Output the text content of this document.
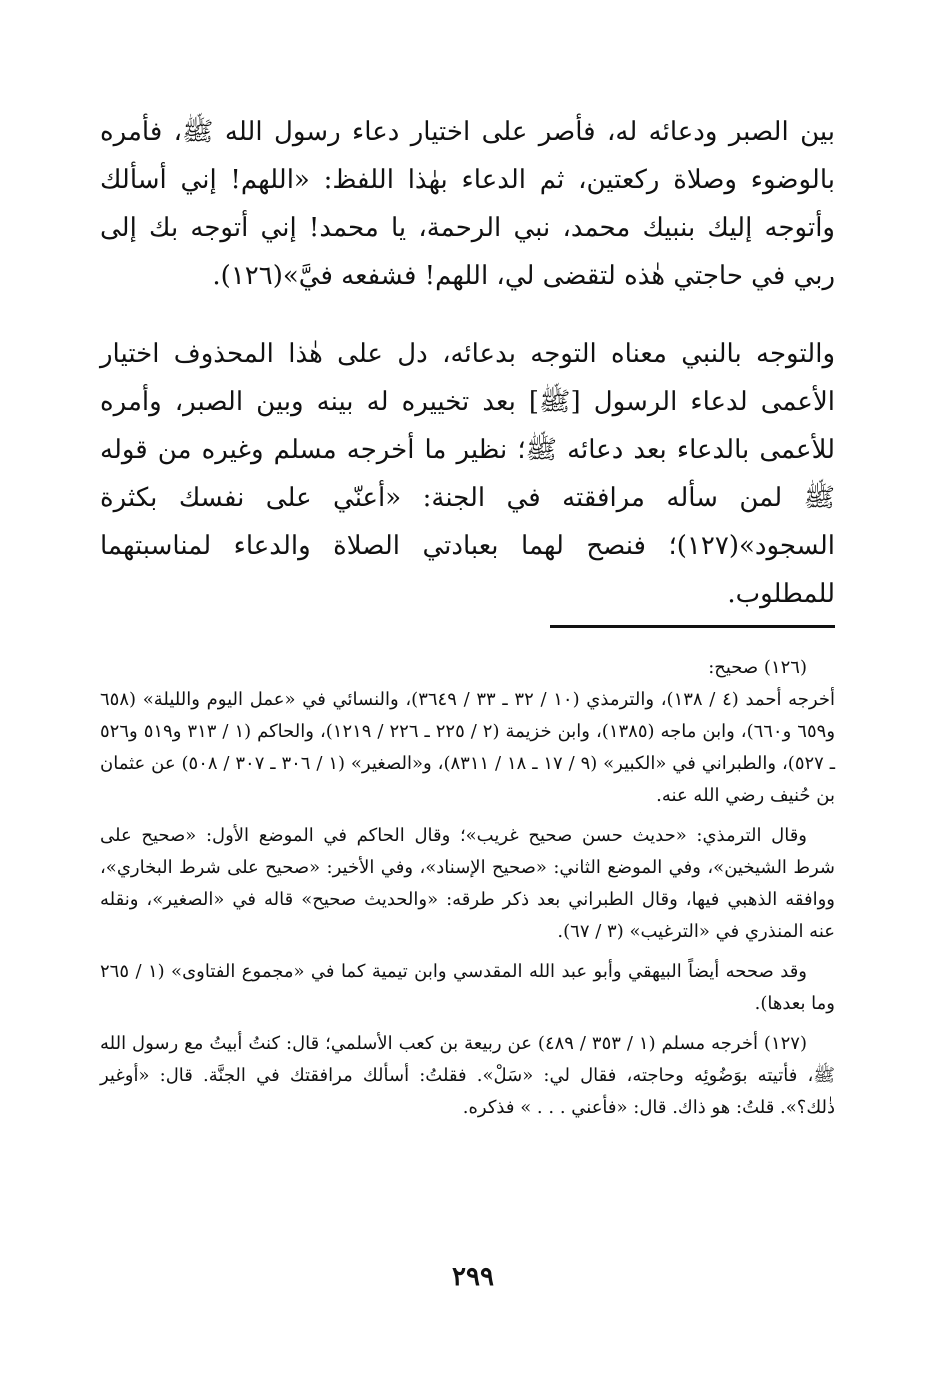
بين الصبر ودعائه له، فأصر على اختيار دعاء رسول الله ﷺ، فأمره بالوضوء وصلاة ركعتين، ثم الدعاء بهٰذا اللفظ: «اللهم! إني أسألك وأتوجه إليك بنبيك محمد، نبي الرحمة، يا محمد! إني أتوجه بك إلى ربي في حاجتي هٰذه لتقضى لي، اللهم! فشفعه فيَّ»(١٢٦).

والتوجه بالنبي معناه التوجه بدعائه، دل على هٰذا المحذوف اختيار الأعمى لدعاء الرسول [ﷺ] بعد تخييره له بينه وبين الصبر، وأمره للأعمى بالدعاء بعد دعائه ﷺ؛ نظير ما أخرجه مسلم وغيره من قوله ﷺ لمن سأله مرافقته في الجنة: «أعنّي على نفسك بكثرة السجود»(١٢٧)؛ فنصح لهما بعبادتي الصلاة والدعاء لمناسبتهما للمطلوب.

(١٢٦) صحيح:

أخرجه أحمد (٤ / ١٣٨)، والترمذي (١٠ / ٣٢ ـ ٣٣ / ٣٦٤٩)، والنسائي في «عمل اليوم والليلة» (٦٥٨ و٦٥٩ و٦٦٠)، وابن ماجه (١٣٨٥)، وابن خزيمة (٢ / ٢٢٥ ـ ٢٢٦ / ١٢١٩)، والحاكم (١ / ٣١٣ و٥١٩ و٥٢٦ ـ ٥٢٧)، والطبراني في «الكبير» (٩ / ١٧ ـ ١٨ / ٨٣١١)، و«الصغير» (١ / ٣٠٦ ـ ٣٠٧ / ٥٠٨) عن عثمان بن حُنيف رضي الله عنه.

وقال الترمذي: «حديث حسن صحيح غريب»؛ وقال الحاكم في الموضع الأول: «صحيح على شرط الشيخين»، وفي الموضع الثاني: «صحيح الإسناد»، وفي الأخير: «صحيح على شرط البخاري»، ووافقه الذهبي فيها، وقال الطبراني بعد ذكر طرقه: «والحديث صحيح» قاله في «الصغير»، ونقله عنه المنذري في «الترغيب» (٣ / ٦٧).

وقد صححه أيضاً البيهقي وأبو عبد الله المقدسي وابن تيمية كما في «مجموع الفتاوى» (١ / ٢٦٥ وما بعدها).

(١٢٧) أخرجه مسلم (١ / ٣٥٣ / ٤٨٩) عن ربيعة بن كعب الأسلمي؛ قال: كنتُ أبيتُ مع رسول الله ﷺ، فأتيته بوَضُوئِه وحاجته، فقال لي: «سَلْ». فقلتُ: أسألك مرافقتك في الجنَّة. قال: «أوغير ذٰلك؟». قلتُ: هو ذاك. قال: «فأعني . . . » فذكره.

٢٩٩
